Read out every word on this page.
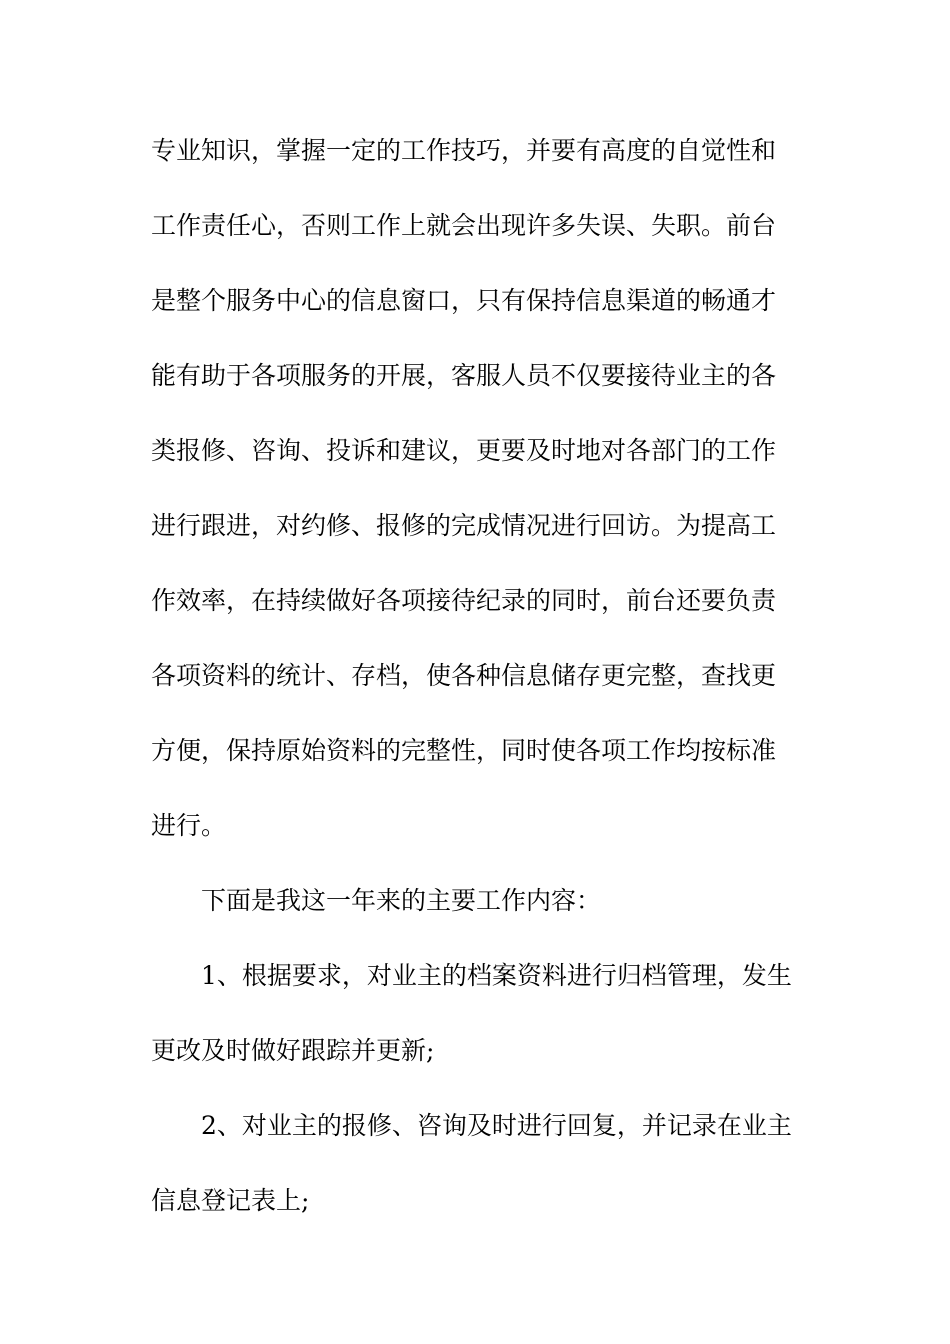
专业知识，掌握一定的工作技巧，并要有高度的自觉性和
工作责任心，否则工作上就会出现许多失误、失职。前台
是整个服务中心的信息窗口，只有保持信息渠道的畅通才
能有助于各项服务的开展，客服人员不仅要接待业主的各
类报修、咨询、投诉和建议，更要及时地对各部门的工作
进行跟进，对约修、报修的完成情况进行回访。为提高工
作效率，在持续做好各项接待纪录的同时，前台还要负责
各项资料的统计、存档，使各种信息储存更完整，查找更
方便，保持原始资料的完整性，同时使各项工作均按标准
进行。
下面是我这一年来的主要工作内容：
1、根据要求，对业主的档案资料进行归档管理，发生
更改及时做好跟踪并更新;
2、对业主的报修、咨询及时进行回复，并记录在业主
信息登记表上;
